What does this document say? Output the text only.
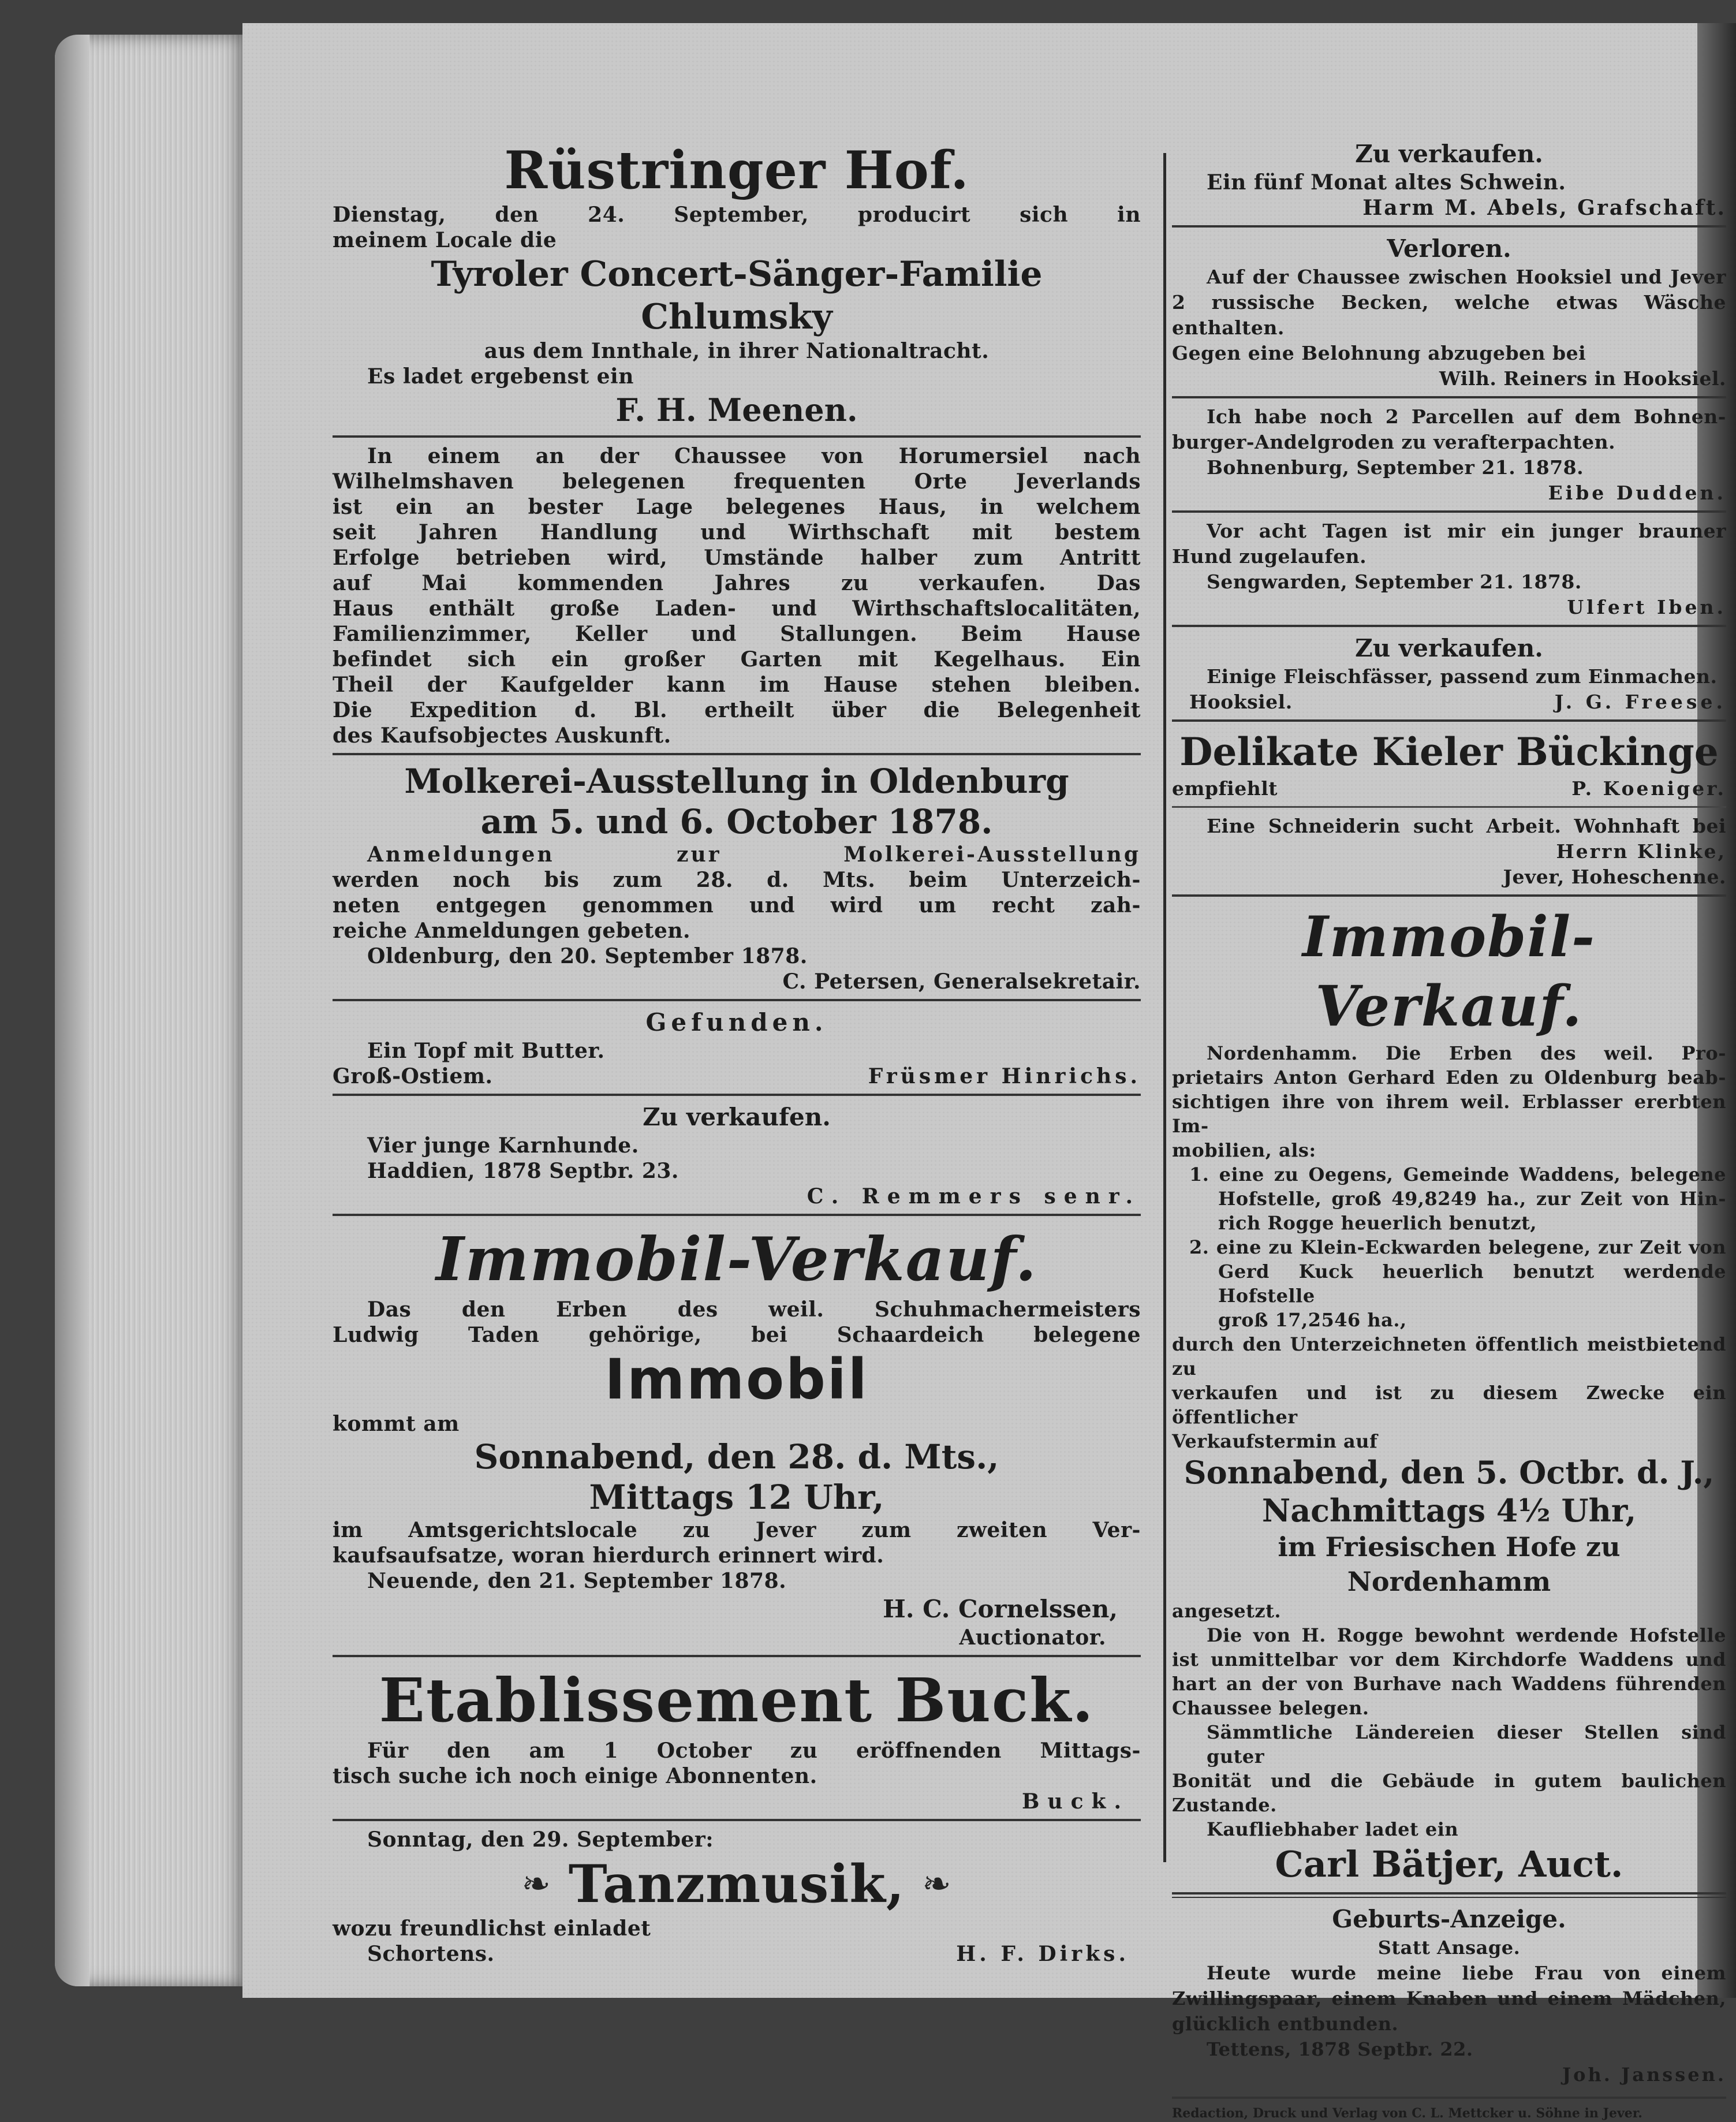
Rüstringer Hof.
Dienstag, den 24. September, producirt sich in
meinem Locale die
Tyroler Concert-Sänger-Familie
Chlumsky
aus dem Innthale, in ihrer Nationaltracht.
Es ladet ergebenst ein
F. H. Meenen.
In einem an der Chaussee von Horumersiel nach
Wilhelmshaven belegenen frequenten Orte Jeverlands
ist ein an bester Lage belegenes Haus, in welchem
seit Jahren Handlung und Wirthschaft mit bestem
Erfolge betrieben wird, Umstände halber zum Antritt
auf Mai kommenden Jahres zu verkaufen. Das
Haus enthält große Laden- und Wirthschaftslocalitäten,
Familienzimmer, Keller und Stallungen. Beim Hause
befindet sich ein großer Garten mit Kegelhaus. Ein
Theil der Kaufgelder kann im Hause stehen bleiben.
Die Expedition d. Bl. ertheilt über die Belegenheit
des Kaufsobjectes Auskunft.
Molkerei-Ausstellung in Oldenburg
am 5. und 6. October 1878.
Anmeldungen zur Molkerei-Ausstellung
werden noch bis zum 28. d. Mts. beim Unterzeich-
neten entgegen genommen und wird um recht zah-
reiche Anmeldungen gebeten.
Oldenburg, den 20. September 1878.
C. Petersen, Generalsekretair.
Gefunden.
Ein Topf mit Butter.
Groß-Ostiem.	Früsmer Hinrichs.
Zu verkaufen.
Vier junge Karnhunde.
Haddien, 1878 Septbr. 23.
C. Remmers senr.
Immobil-Verkauf.
Das den Erben des weil. Schuhmachermeisters
Ludwig Taden gehörige, bei Schaardeich belegene
Immobil
kommt am
Sonnabend, den 28. d. Mts.,
Mittags 12 Uhr,
im Amtsgerichtslocale zu Jever zum zweiten Ver-
kaufsaufsatze, woran hierdurch erinnert wird.
Neuende, den 21. September 1878.
H. C. Cornelssen,
Auctionator.
Etablissement Buck.
Für den am 1 October zu eröffnenden Mittags-
tisch suche ich noch einige Abonnenten.
Buck.
Sonntag, den 29. September:
❧ Tanzmusik, ❧
wozu freundlichst einladet
Schortens.	H. F. Dirks.
Zu verkaufen.
Ein fünf Monat altes Schwein.
Harm M. Abels, Grafschaft.
Verloren.
Auf der Chaussee zwischen Hooksiel und Jever
2 russische Becken, welche etwas Wäsche enthalten.
Gegen eine Belohnung abzugeben bei
Wilh. Reiners in Hooksiel.
Ich habe noch 2 Parcellen auf dem Bohnen-
burger-Andelgroden zu verafterpachten.
Bohnenburg, September 21. 1878.
Eibe Dudden.
Vor acht Tagen ist mir ein junger brauner
Hund zugelaufen.
Sengwarden, September 21. 1878.
Ulfert Iben.
Zu verkaufen.
Einige Fleischfässer, passend zum Einmachen.
Hooksiel.	J. G. Freese.
Delikate Kieler Bückinge
empfiehlt	P. Koeniger.
Eine Schneiderin sucht Arbeit. Wohnhaft bei
Herrn Klinke,
Jever, Hoheschenne.
Immobil-Verkauf.
Nordenhamm. Die Erben des weil. Pro-
prietairs Anton Gerhard Eden zu Oldenburg beab-
sichtigen ihre von ihrem weil. Erblasser ererbten Im-
mobilien, als:
1. eine zu Oegens, Gemeinde Waddens, belegene
Hofstelle, groß 49,8249 ha., zur Zeit von Hin-
rich Rogge heuerlich benutzt,
2. eine zu Klein-Eckwarden belegene, zur Zeit von
Gerd Kuck heuerlich benutzt werdende Hofstelle
groß 17,2546 ha.,
durch den Unterzeichneten öffentlich meistbietend zu
verkaufen und ist zu diesem Zwecke ein öffentlicher
Verkaufstermin auf
Sonnabend, den 5. Octbr. d. J.,
Nachmittags 4½ Uhr,
im Friesischen Hofe zu Nordenhamm
angesetzt.
Die von H. Rogge bewohnt werdende Hofstelle
ist unmittelbar vor dem Kirchdorfe Waddens und
hart an der von Burhave nach Waddens führenden
Chaussee belegen.
Sämmtliche Ländereien dieser Stellen sind guter
Bonität und die Gebäude in gutem baulichen Zustande.
Kaufliebhaber ladet ein
Carl Bätjer, Auct.
Geburts-Anzeige.
Statt Ansage.
Heute wurde meine liebe Frau von einem
Zwillingspaar, einem Knaben und einem Mädchen,
glücklich entbunden.
Tettens, 1878 Septbr. 22.
Joh. Janssen.
Redaction, Druck und Verlag von C. L. Mettcker u. Söhne in Jever.
